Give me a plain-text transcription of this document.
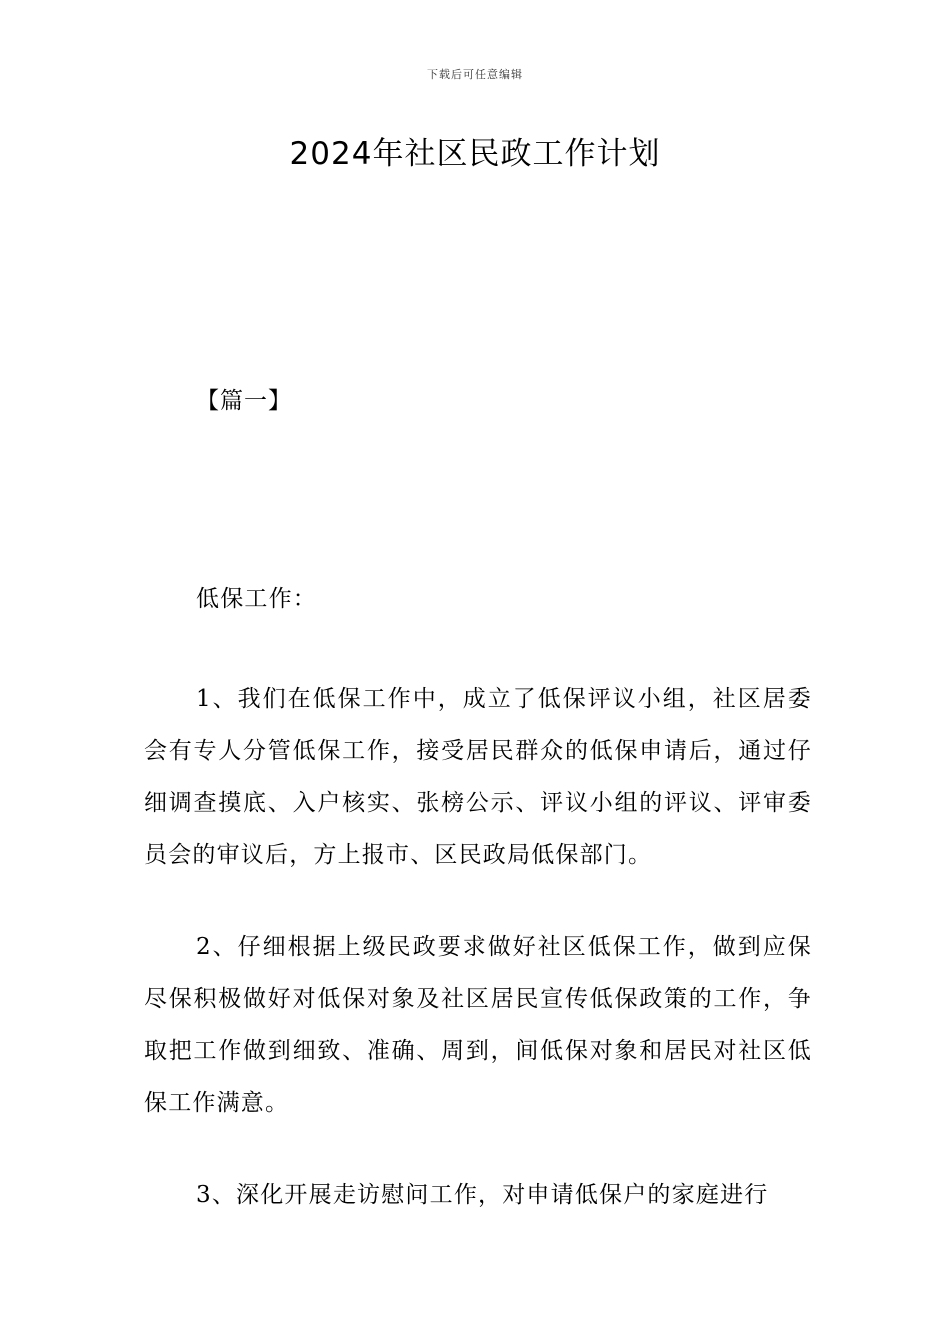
下载后可任意编辑
2024年社区民政工作计划
【篇一】

低保工作：

1、我们在低保工作中，成立了低保评议小组，社区居委会有专人分管低保工作，接受居民群众的低保申请后，通过仔细调查摸底、入户核实、张榜公示、评议小组的评议、评审委员会的审议后，方上报市、区民政局低保部门。

2、仔细根据上级民政要求做好社区低保工作，做到应保尽保积极做好对低保对象及社区居民宣传低保政策的工作，争取把工作做到细致、准确、周到，间低保对象和居民对社区低保工作满意。

3、深化开展走访慰问工作，对申请低保户的家庭进行
